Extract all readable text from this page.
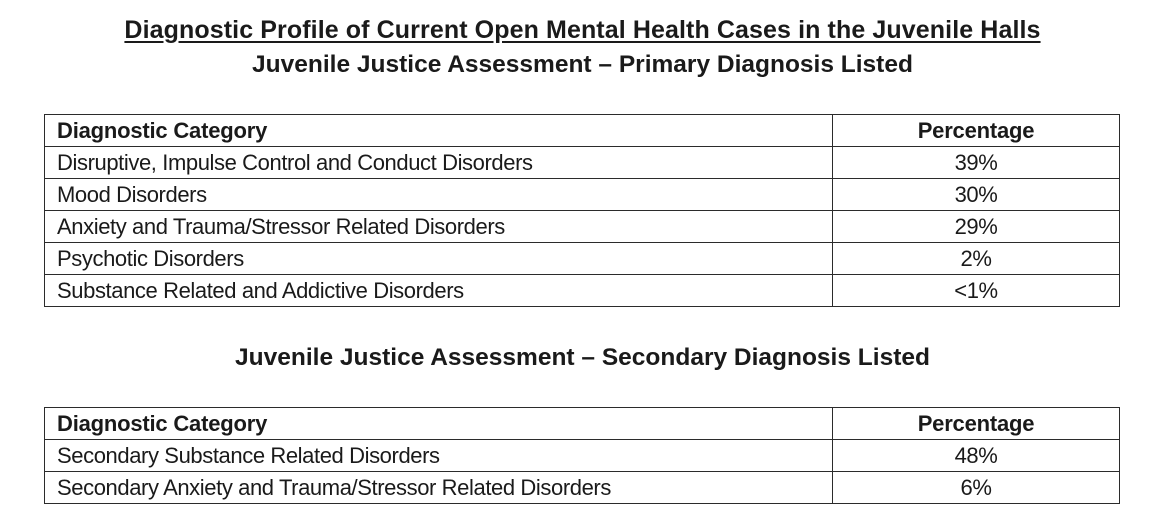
Diagnostic Profile of Current Open Mental Health Cases in the Juvenile Halls
Juvenile Justice Assessment – Primary Diagnosis Listed
Diagnostic Category	Percentage
Disruptive, Impulse Control and Conduct Disorders	39%
Mood Disorders	30%
Anxiety and Trauma/Stressor Related Disorders	29%
Psychotic Disorders	2%
Substance Related and Addictive Disorders	<1%
Juvenile Justice Assessment – Secondary Diagnosis Listed
Diagnostic Category	Percentage
Secondary Substance Related Disorders	48%
Secondary Anxiety and Trauma/Stressor Related Disorders	6%
